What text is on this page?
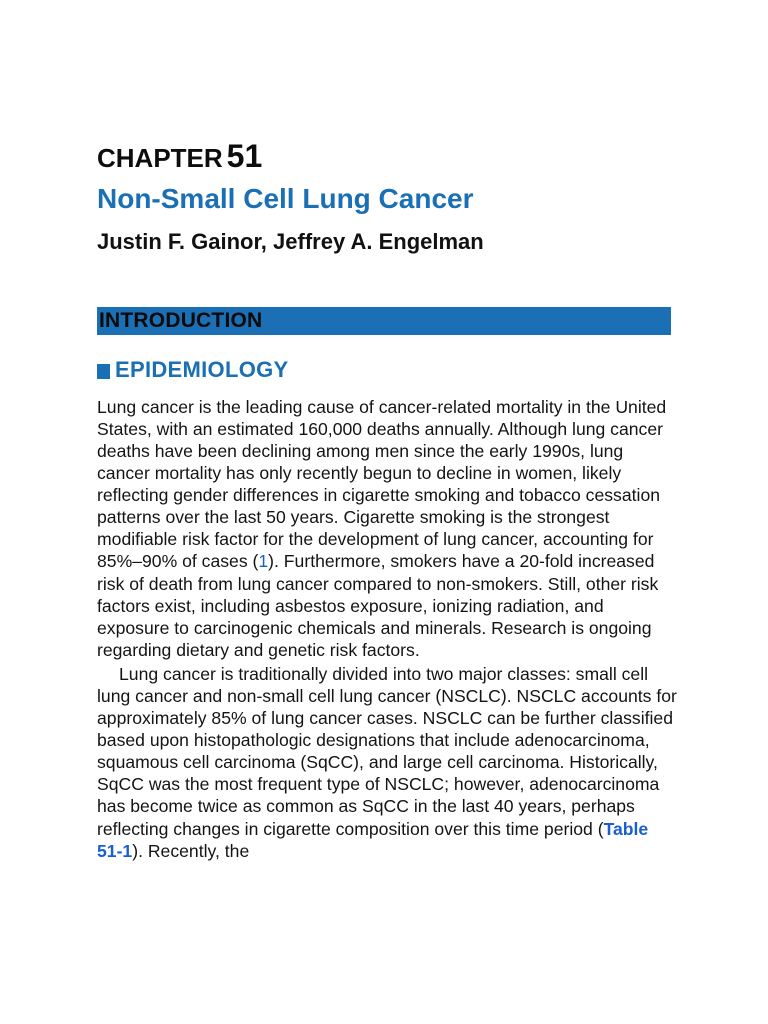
CHAPTER 51
Non-Small Cell Lung Cancer
Justin F. Gainor, Jeffrey A. Engelman
INTRODUCTION
EPIDEMIOLOGY

Lung cancer is the leading cause of cancer-related mortality in the United States, with an estimated 160,000 deaths annually. Although lung cancer deaths have been declining among men since the early 1990s, lung cancer mortality has only recently begun to decline in women, likely reflecting gender differences in cigarette smoking and tobacco cessation patterns over the last 50 years. Cigarette smoking is the strongest modifiable risk factor for the development of lung cancer, accounting for 85%–90% of cases (1). Furthermore, smokers have a 20-fold increased risk of death from lung cancer compared to non-smokers. Still, other risk factors exist, including asbestos exposure, ionizing radiation, and exposure to carcinogenic chemicals and minerals. Research is ongoing regarding dietary and genetic risk factors.

Lung cancer is traditionally divided into two major classes: small cell lung cancer and non-small cell lung cancer (NSCLC). NSCLC accounts for approximately 85% of lung cancer cases. NSCLC can be further classified based upon histopathologic designations that include adenocarcinoma, squamous cell carcinoma (SqCC), and large cell carcinoma. Historically, SqCC was the most frequent type of NSCLC; however, adenocarcinoma has become twice as common as SqCC in the last 40 years, perhaps reflecting changes in cigarette composition over this time period (Table 51-1). Recently, the
